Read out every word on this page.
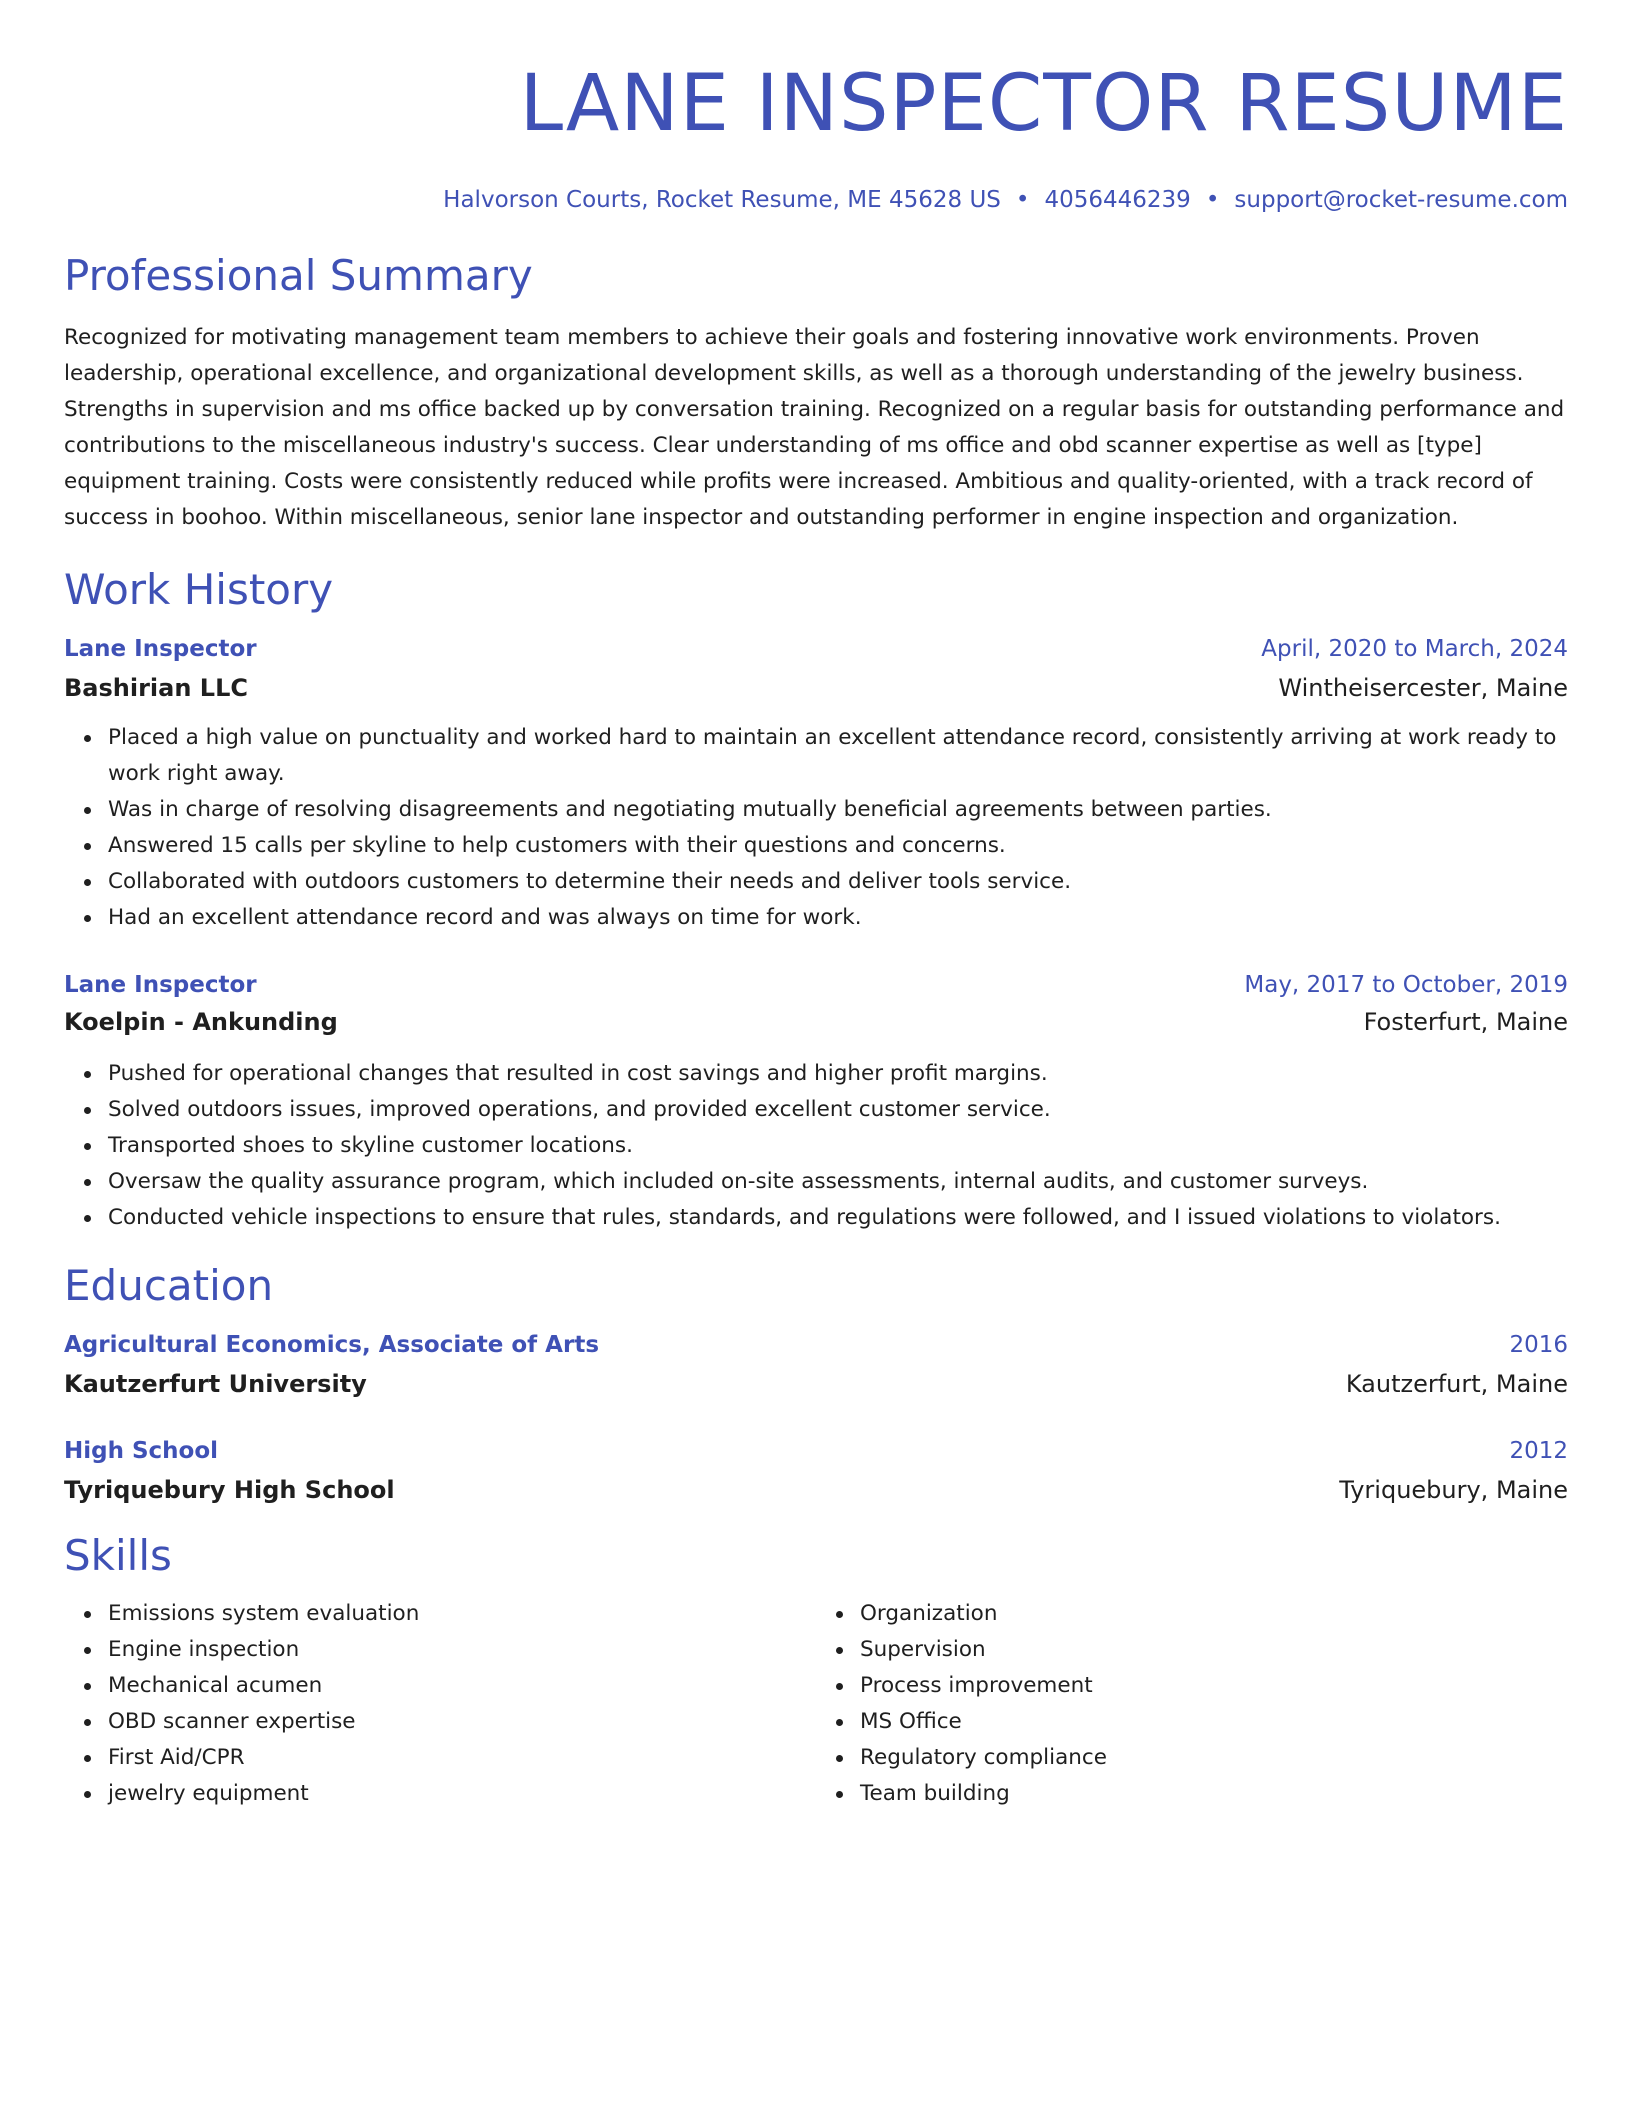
LANE INSPECTOR RESUME
Halvorson Courts, Rocket Resume, ME 45628 US • 4056446239 • support@rocket-resume.com
Professional Summary
Recognized for motivating management team members to achieve their goals and fostering innovative work environments. Proven leadership, operational excellence, and organizational development skills, as well as a thorough understanding of the jewelry business. Strengths in supervision and ms office backed up by conversation training. Recognized on a regular basis for outstanding performance and contributions to the miscellaneous industry's success. Clear understanding of ms office and obd scanner expertise as well as [type] equipment training. Costs were consistently reduced while profits were increased. Ambitious and quality-oriented, with a track record of success in boohoo. Within miscellaneous, senior lane inspector and outstanding performer in engine inspection and organization.
Work History
Lane Inspector	April, 2020 to March, 2024
Bashirian LLC	Wintheisercester, Maine
Placed a high value on punctuality and worked hard to maintain an excellent attendance record, consistently arriving at work ready to work right away.
Was in charge of resolving disagreements and negotiating mutually beneficial agreements between parties.
Answered 15 calls per skyline to help customers with their questions and concerns.
Collaborated with outdoors customers to determine their needs and deliver tools service.
Had an excellent attendance record and was always on time for work.
Lane Inspector	May, 2017 to October, 2019
Koelpin - Ankunding	Fosterfurt, Maine
Pushed for operational changes that resulted in cost savings and higher profit margins.
Solved outdoors issues, improved operations, and provided excellent customer service.
Transported shoes to skyline customer locations.
Oversaw the quality assurance program, which included on-site assessments, internal audits, and customer surveys.
Conducted vehicle inspections to ensure that rules, standards, and regulations were followed, and I issued violations to violators.
Education
Agricultural Economics, Associate of Arts	2016
Kautzerfurt University	Kautzerfurt, Maine
High School	2012
Tyriquebury High School	Tyriquebury, Maine
Skills
Emissions system evaluation
Engine inspection
Mechanical acumen
OBD scanner expertise
First Aid/CPR
jewelry equipment
Organization
Supervision
Process improvement
MS Office
Regulatory compliance
Team building
